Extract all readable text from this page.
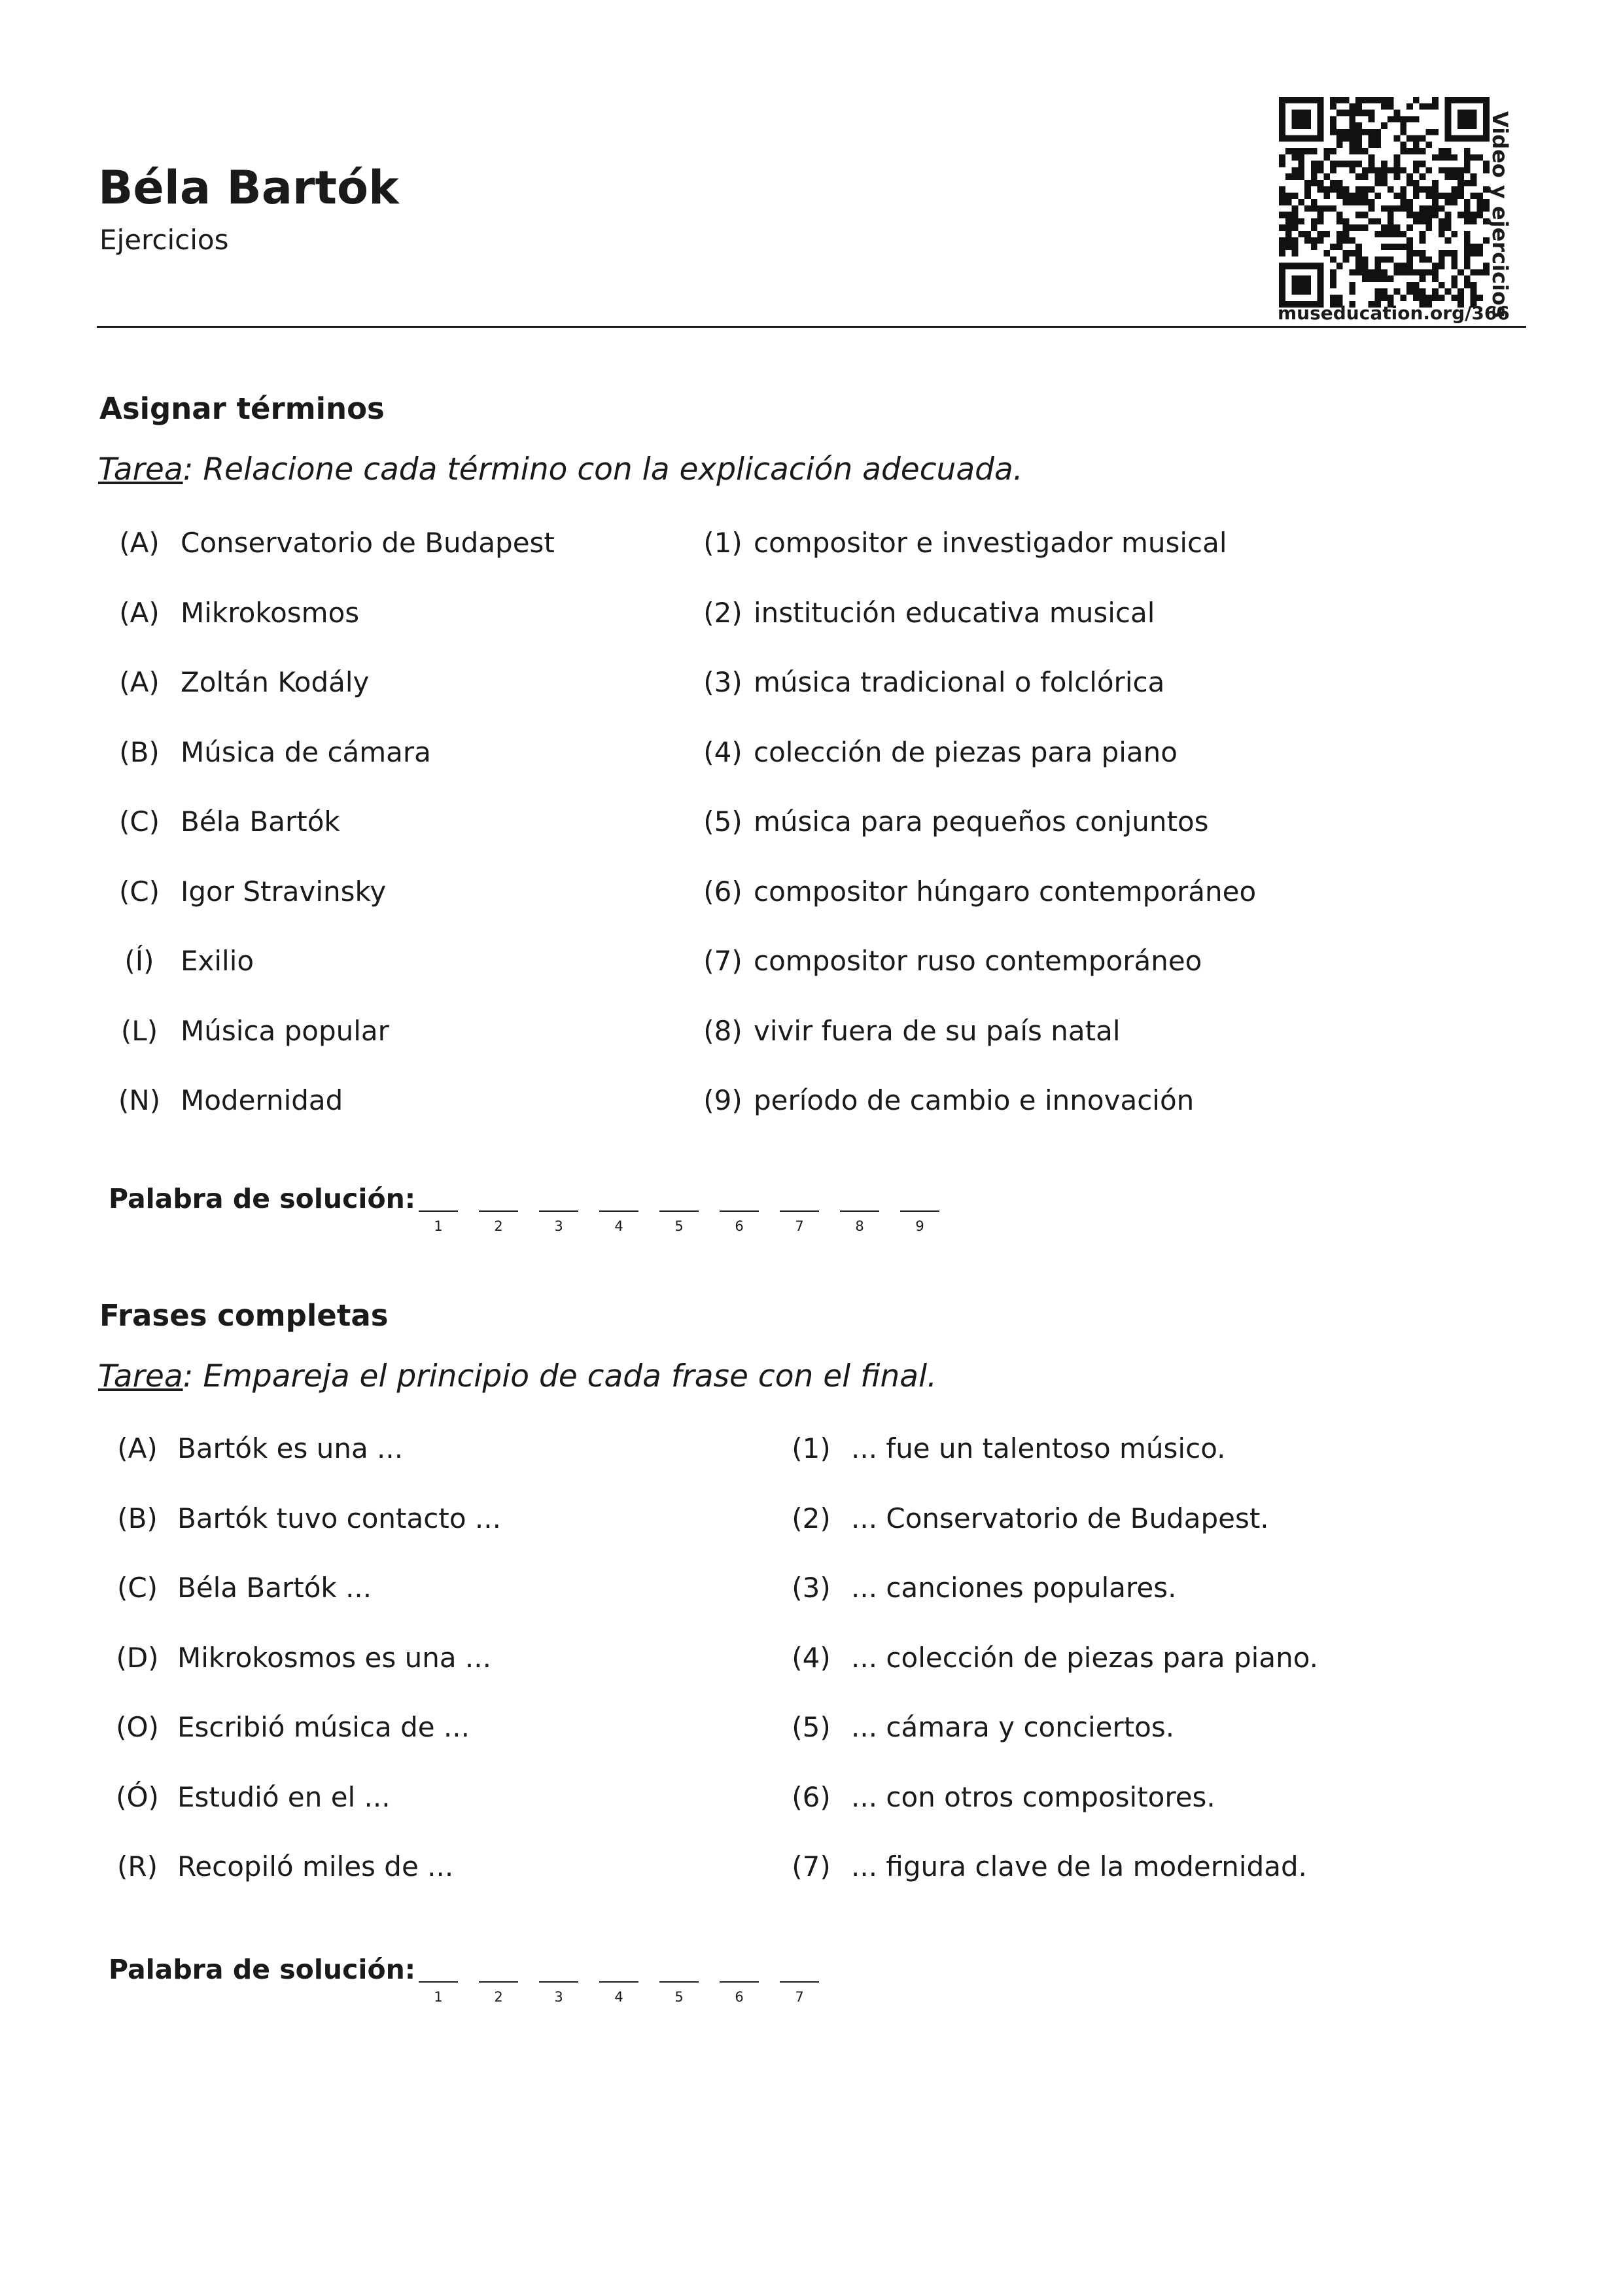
Béla Bartók
Ejercicios
museducation.org/366
Video y ejercicios
Asignar términos
Tarea: Relacione cada término con la explicación adecuada.
(A) Conservatorio de Budapest	(1) compositor e investigador musical
(A) Mikrokosmos	(2) institución educativa musical
(A) Zoltán Kodály	(3) música tradicional o folclórica
(B) Música de cámara	(4) colección de piezas para piano
(C) Béla Bartók	(5) música para pequeños conjuntos
(C) Igor Stravinsky	(6) compositor húngaro contemporáneo
(Í) Exilio	(7) compositor ruso contemporáneo
(L) Música popular	(8) vivir fuera de su país natal
(N) Modernidad	(9) período de cambio e innovación
Palabra de solución:
1	2	3	4	5	6	7	8	9
Frases completas
Tarea: Empareja el principio de cada frase con el final.
(A) Bartók es una ...	(1) ... fue un talentoso músico.
(B) Bartók tuvo contacto ...	(2) ... Conservatorio de Budapest.
(C) Béla Bartók ...	(3) ... canciones populares.
(D) Mikrokosmos es una ...	(4) ... colección de piezas para piano.
(O) Escribió música de ...	(5) ... cámara y conciertos.
(Ó) Estudió en el ...	(6) ... con otros compositores.
(R) Recopiló miles de ...	(7) ... figura clave de la modernidad.
Palabra de solución:
1	2	3	4	5	6	7
